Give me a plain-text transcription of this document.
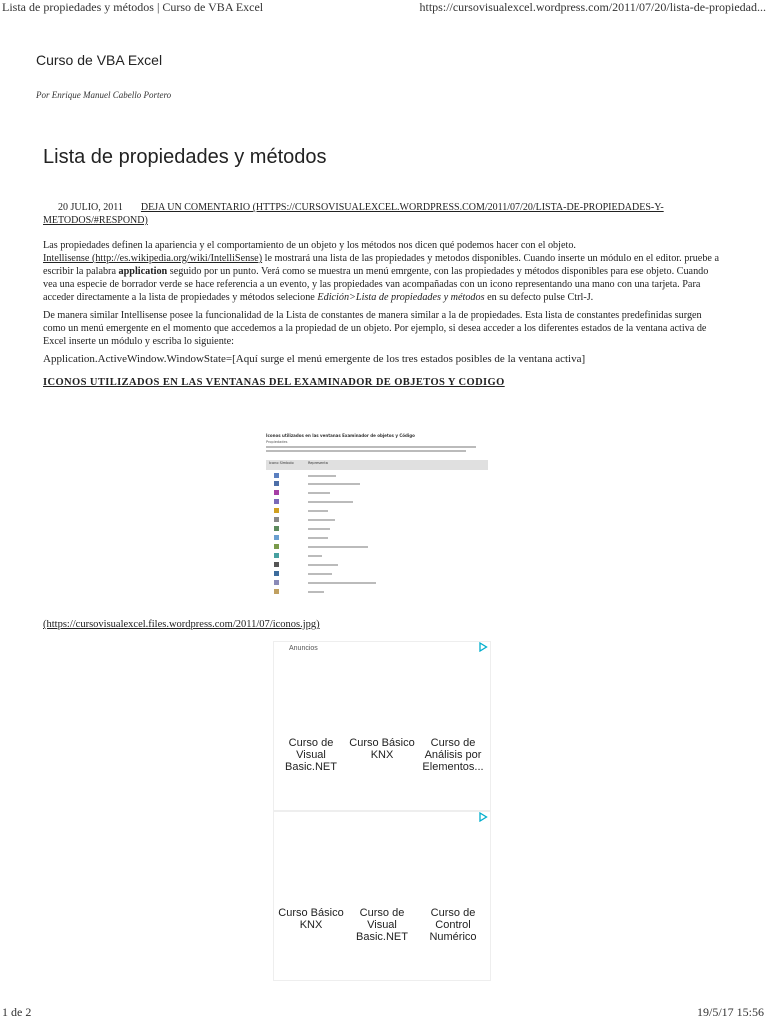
Lista de propiedades y métodos | Curso de VBA Excel	https://cursovisualexcel.wordpress.com/2011/07/20/lista-de-propiedad...
Curso de VBA Excel
Por Enrique Manuel Cabello Portero
Lista de propiedades y métodos
20 JULIO, 2011 DEJA UN COMENTARIO (HTTPS://CURSOVISUALEXCEL.WORDPRESS.COM/2011/07/20/LISTA-DE-PROPIEDADES-Y-METODOS/#RESPOND)

Las propiedades definen la apariencia y el comportamiento de un objeto y los métodos nos dicen qué podemos hacer con el objeto.
Intellisense (http://es.wikipedia.org/wiki/IntelliSense) le mostrará una lista de las propiedades y metodos disponibles. Cuando inserte un módulo en el editor. pruebe a escribir la palabra application seguido por un punto. Verá como se muestra un menú emrgente, con las propiedades y métodos disponibles para ese objeto. Cuando vea una especie de borrador verde se hace referencia a un evento, y las propiedades van acompañadas con un icono representando una mano con una tarjeta. Para acceder directamente a la lista de propiedades y métodos selecione Edición>Lista de propiedades y métodos en su defecto pulse Ctrl-J.

De manera similar Intellisense posee la funcionalidad de la Lista de constantes de manera similar a la de propiedades. Esta lista de constantes predefinidas surgen como un menú emergente en el momento que accedemos a la propiedad de un objeto. Por ejemplo, si desea acceder a los diferentes estados de la ventana activa de Excel inserte un módulo y escriba lo siguiente:

Application.ActiveWindow.WindowState=[Aquí surge el menú emergente de los tres estados posibles de la ventana activa]

ICONOS UTILIZADOS EN LAS VENTANAS DEL EXAMINADOR DE OBJETOS Y CODIGO
Iconos utilizados en las ventanas Examinador de objetos y Código
Propiedades
Icono Símbolo	Representa
(https://cursovisualexcel.files.wordpress.com/2011/07/iconos.jpg)
Anuncios
Curso de Visual Basic.NET
Curso Básico KNX
Curso de Análisis por Elementos...
Curso Básico KNX
Curso de Visual Basic.NET
Curso de Control Numérico
1 de 2	19/5/17 15:56
